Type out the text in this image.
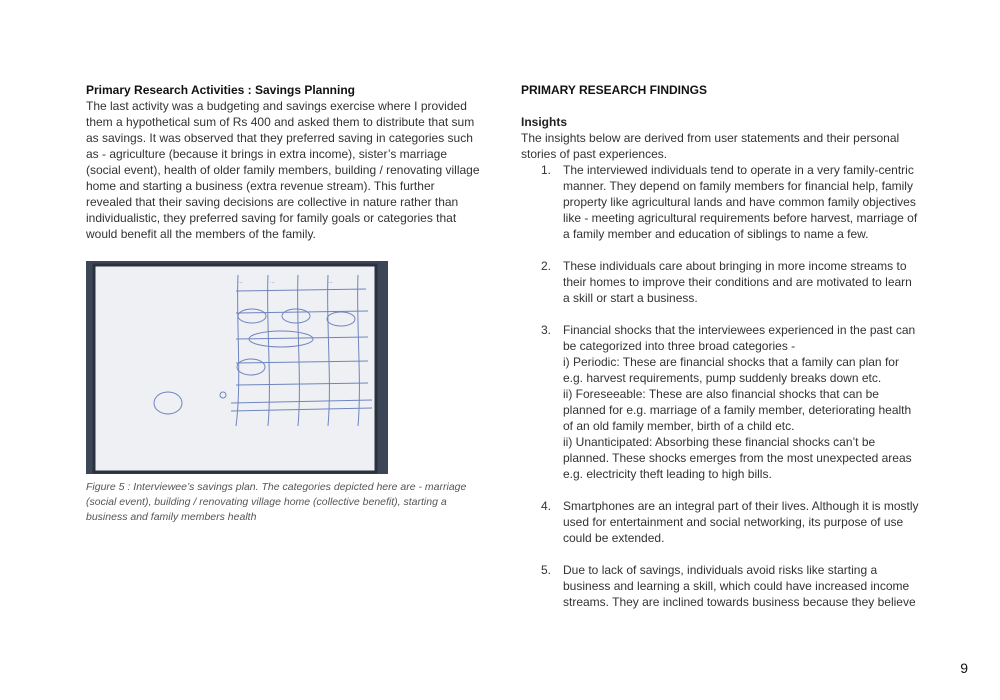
Primary Research Activities : Savings Planning

The last activity was a budgeting and savings exercise where I provided them a hypothetical sum of Rs 400 and asked them to distribute that sum as savings. It was observed that they preferred saving in categories such as - agriculture (because it brings in extra income), sister’s marriage (social event), health of older family members, building / renovating village home and starting a business (extra revenue stream). This further revealed that their saving decisions are collective in nature rather than individualistic, they preferred saving for family goals or categories that would benefit all the members of the family.

...	...	...

Figure 5 : Interviewee’s savings plan. The categories depicted here are - marriage (social event), building / renovating village home (collective benefit), starting a business and family members health

PRIMARY RESEARCH FINDINGS

Insights

The insights below are derived from user statements and their personal stories of past experiences.

1. The interviewed individuals tend to operate in a very family-centric manner. They depend on family members for financial help, family property like agricultural lands and have common family objectives like - meeting agricultural requirements before harvest, marriage of a family member and education of siblings to name a few.
2. These individuals care about bringing in more income streams to their homes to improve their conditions and are motivated to learn a skill or start a business.
3. Financial shocks that the interviewees experienced in the past can be categorized into three broad categories -
i) Periodic: These are financial shocks that a family can plan for e.g. harvest requirements, pump suddenly breaks down etc.
ii) Foreseeable: These are also financial shocks that can be planned for e.g. marriage of a family member, deteriorating health of an old family member, birth of a child etc.
ii) Unanticipated: Absorbing these financial shocks can’t be planned. These shocks emerges from the most unexpected areas e.g. electricity theft leading to high bills.
4. Smartphones are an integral part of their lives. Although it is mostly used for entertainment and social networking, its purpose of use could be extended.
5. Due to lack of savings, individuals avoid risks like starting a business and learning a skill, which could have increased income streams. They are inclined towards business because they believe
9
